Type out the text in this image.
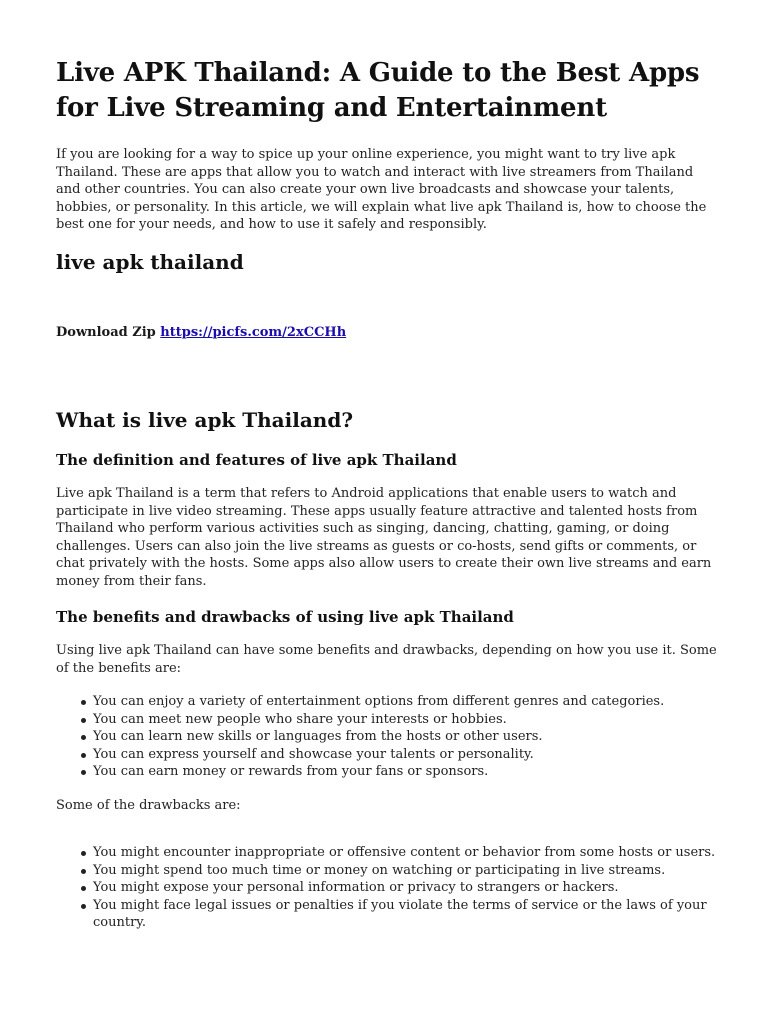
Live APK Thailand: A Guide to the Best Apps for Live Streaming and Entertainment

If you are looking for a way to spice up your online experience, you might want to try live apk Thailand. These are apps that allow you to watch and interact with live streamers from Thailand and other countries. You can also create your own live broadcasts and showcase your talents, hobbies, or personality. In this article, we will explain what live apk Thailand is, how to choose the best one for your needs, and how to use it safely and responsibly.

live apk thailand
Download Zip https://picfs.com/2xCCHh
What is live apk Thailand?
The definition and features of live apk Thailand

Live apk Thailand is a term that refers to Android applications that enable users to watch and participate in live video streaming. These apps usually feature attractive and talented hosts from Thailand who perform various activities such as singing, dancing, chatting, gaming, or doing challenges. Users can also join the live streams as guests or co-hosts, send gifts or comments, or chat privately with the hosts. Some apps also allow users to create their own live streams and earn money from their fans.

The benefits and drawbacks of using live apk Thailand

Using live apk Thailand can have some benefits and drawbacks, depending on how you use it. Some of the benefits are:

You can enjoy a variety of entertainment options from different genres and categories.
You can meet new people who share your interests or hobbies.
You can learn new skills or languages from the hosts or other users.
You can express yourself and showcase your talents or personality.
You can earn money or rewards from your fans or sponsors.

Some of the drawbacks are:

You might encounter inappropriate or offensive content or behavior from some hosts or users.
You might spend too much time or money on watching or participating in live streams.
You might expose your personal information or privacy to strangers or hackers.
You might face legal issues or penalties if you violate the terms of service or the laws of your country.
